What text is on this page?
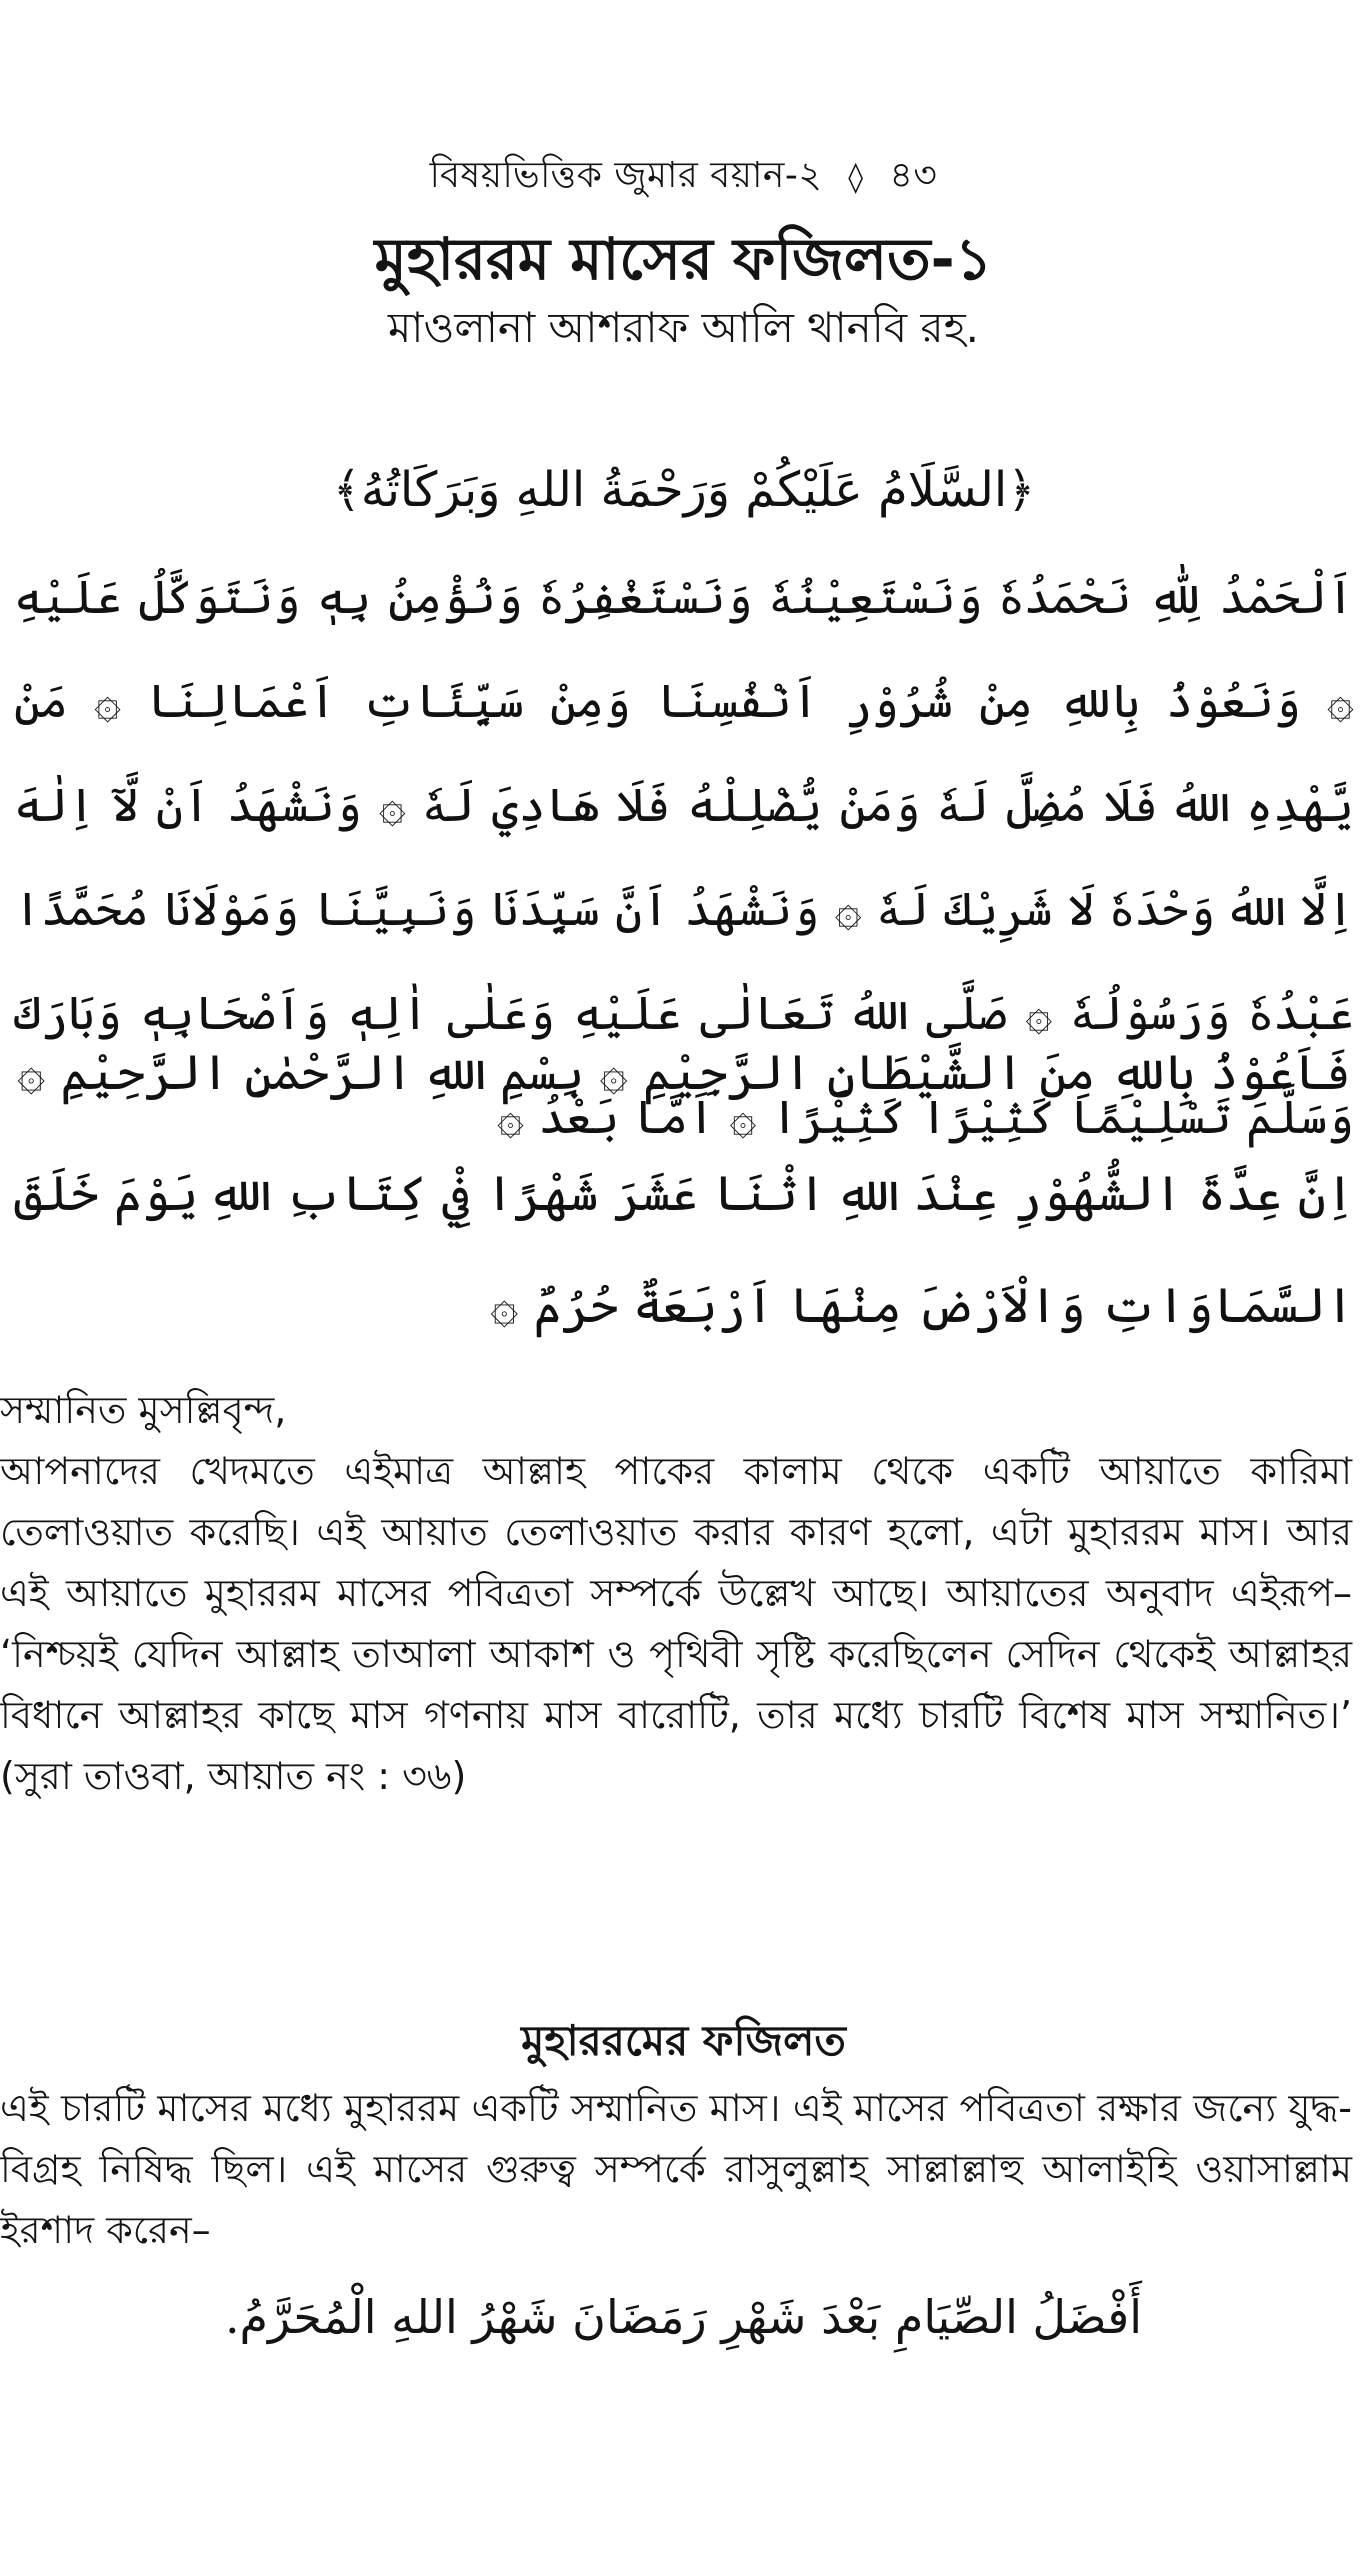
বিষয়ভিত্তিক জুমার বয়ান-২ ◊ ৪৩
মুহাররম মাসের ফজিলত-১
মাওলানা আশরাফ আলি থানবি রহ.
﴿السَّلَامُ عَلَيْكُمْ وَرَحْمَةُ اللهِ وَبَرَكَاتُهُ﴾
اَلْحَمْدُ لِلّٰهِ نَحْمَدُهٗ وَنَسْتَعِيْنُهٗ وَنَسْتَغْفِرُهٗ وَنُؤْمِنُ بِهٖ وَنَتَوَكَّلُ عَلَيْهِ ۞ وَنَعُوْذُ بِاللهِ مِنْ شُرُوْرِ اَنْفُسِنَا وَمِنْ سَيِّئَاتِ اَعْمَالِنَا ۞ مَنْ يَّهْدِهِ اللهُ فَلَا مُضِلَّ لَهٗ وَمَنْ يُّضْلِلْهُ فَلَا هَادِيَ لَهٗ ۞ وَنَشْهَدُ اَنْ لَّآ اِلٰهَ اِلَّا اللهُ وَحْدَهٗ لَا شَرِيْكَ لَهٗ ۞ وَنَشْهَدُ اَنَّ سَيِّدَنَا وَنَبِيَّنَا وَمَوْلَانَا مُحَمَّدًا عَبْدُهٗ وَرَسُوْلُهٗ ۞ صَلَّى اللهُ تَعَالٰى عَلَيْهِ وَعَلٰى اٰلِهٖ وَاَصْحَابِهٖ وَبَارَكَ وَسَلَّمَ تَسْلِيْمًا كَثِيْرًا كَثِيْرًا ۞ اَمَّا بَعْدُ ۞
فَاَعُوْذُ بِاللهِ مِنَ الشَّيْطَانِ الرَّجِيْمِ ۞ بِسْمِ اللهِ الرَّحْمٰنِ الرَّحِيْمِ ۞
اِنَّ عِدَّةَ الشُّهُوْرِ عِنْدَ اللهِ اثْنَا عَشَرَ شَهْرًا فِيْ كِتَابِ اللهِ يَوْمَ خَلَقَ السَّمَاوَاتِ وَالْاَرْضَ مِنْهَا اَرْبَعَةٌ حُرُمٌ ۞
সম্মানিত মুসল্লিবৃন্দ,
আপনাদের খেদমতে এইমাত্র আল্লাহ পাকের কালাম থেকে একটি আয়াতে কারিমা তেলাওয়াত করেছি। এই আয়াত তেলাওয়াত করার কারণ হলো, এটা মুহাররম মাস। আর এই আয়াতে মুহাররম মাসের পবিত্রতা সম্পর্কে উল্লেখ আছে। আয়াতের অনুবাদ এইরূপ– ‘নিশ্চয়ই যেদিন আল্লাহ তাআলা আকাশ ও পৃথিবী সৃষ্টি করেছিলেন সেদিন থেকেই আল্লাহর বিধানে আল্লাহর কাছে মাস গণনায় মাস বারোটি, তার মধ্যে চারটি বিশেষ মাস সম্মানিত।’ (সুরা তাওবা, আয়াত নং : ৩৬)
মুহাররমের ফজিলত
এই চারটি মাসের মধ্যে মুহাররম একটি সম্মানিত মাস। এই মাসের পবিত্রতা রক্ষার জন্যে যুদ্ধ-বিগ্রহ নিষিদ্ধ ছিল। এই মাসের গুরুত্ব সম্পর্কে রাসুলুল্লাহ সাল্লাল্লাহু আলাইহি ওয়াসাল্লাম ইরশাদ করেন–
أَفْضَلُ الصِّيَامِ بَعْدَ شَهْرِ رَمَضَانَ شَهْرُ اللهِ الْمُحَرَّمُ.
